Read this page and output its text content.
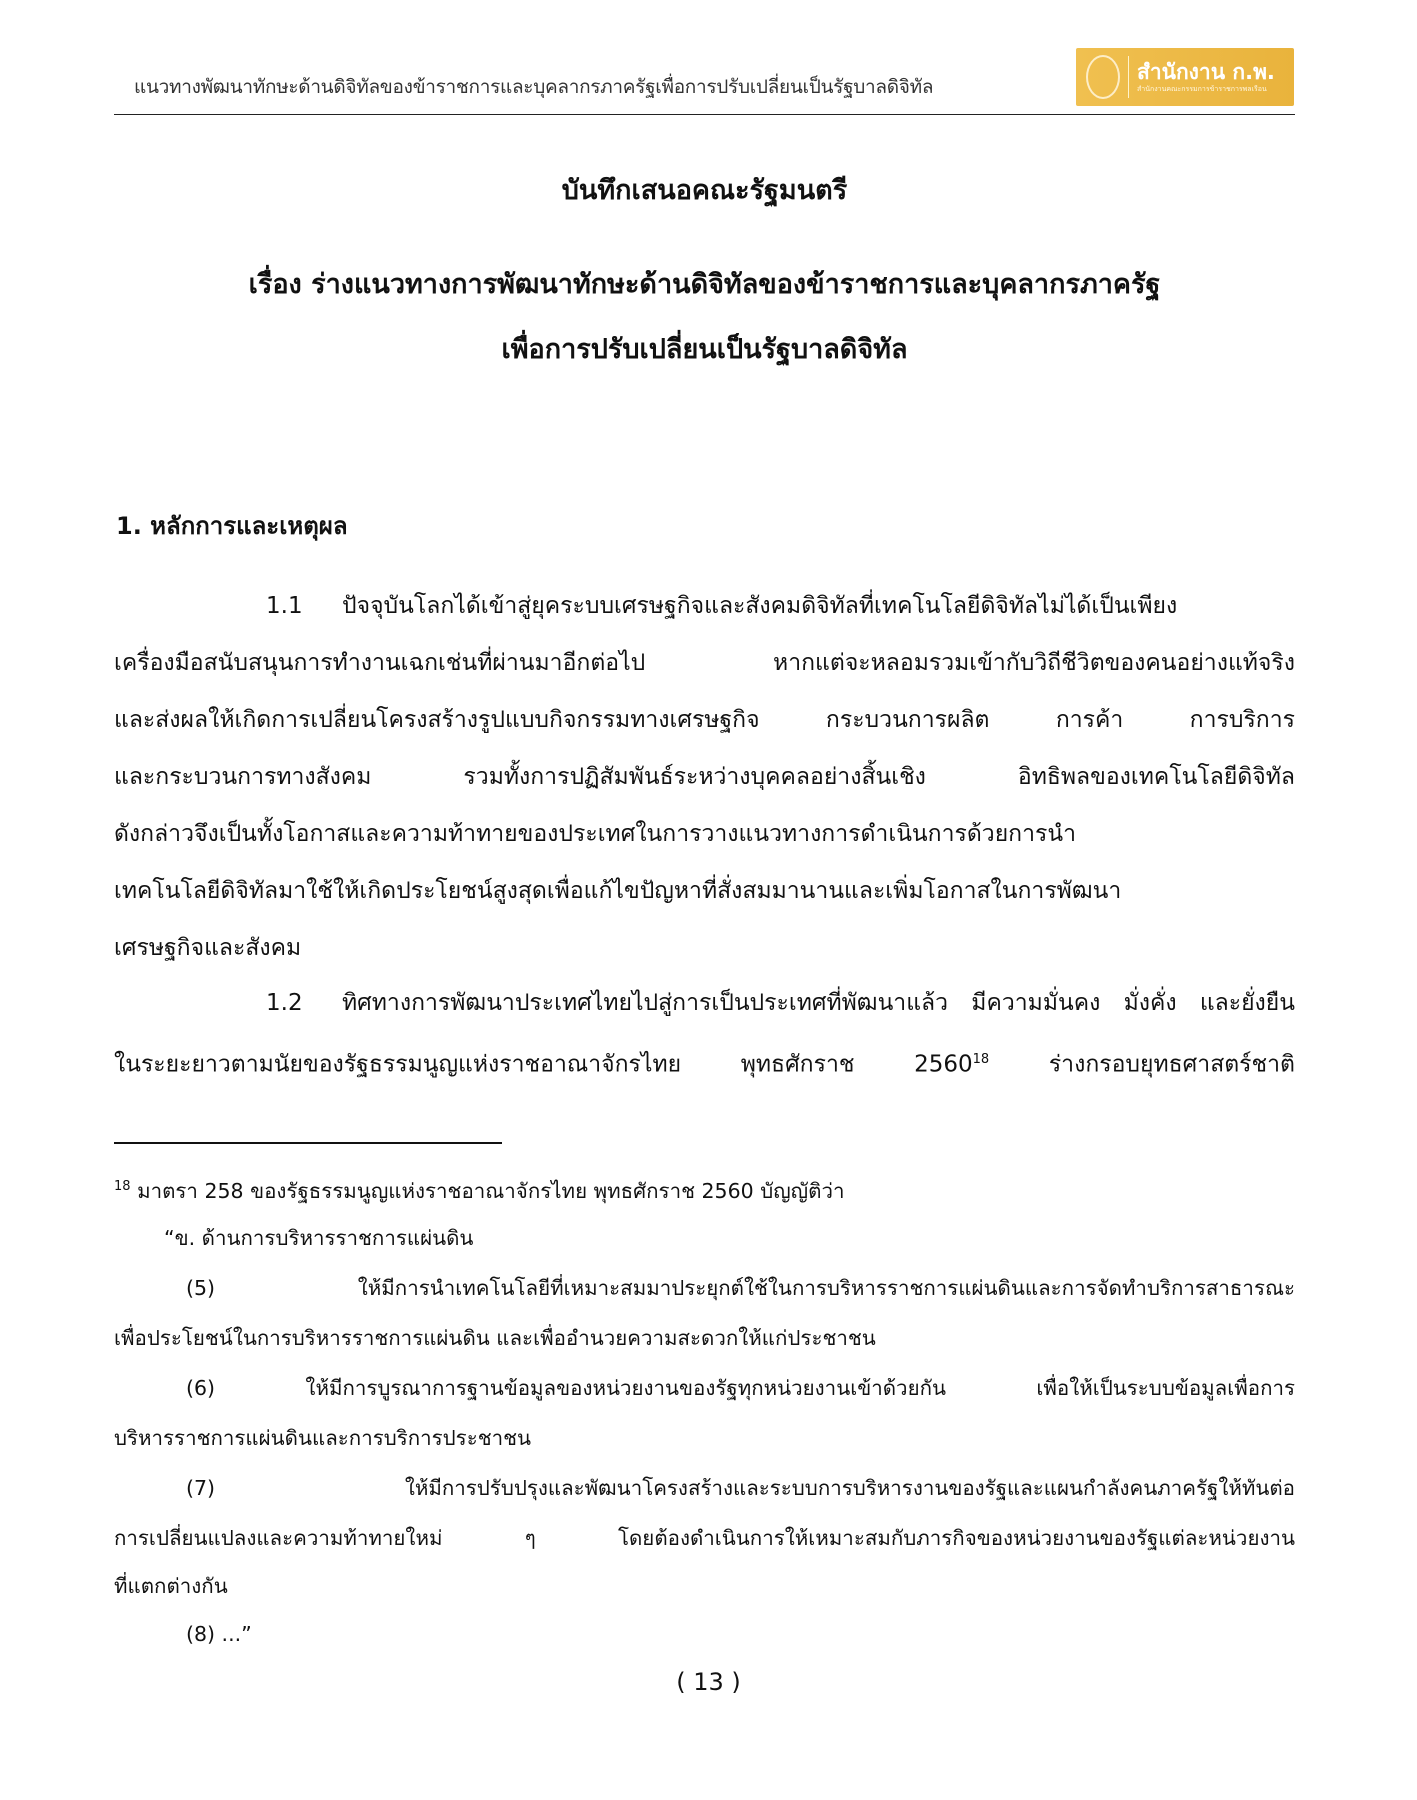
แนวทางพัฒนาทักษะด้านดิจิทัลของข้าราชการและบุคลากรภาครัฐเพื่อการปรับเปลี่ยนเป็นรัฐบาลดิจิทัล
สำนักงาน ก.พ.
สำนักงานคณะกรรมการข้าราชการพลเรือน
บันทึกเสนอคณะรัฐมนตรี
เรื่อง ร่างแนวทางการพัฒนาทักษะด้านดิจิทัลของข้าราชการและบุคลากรภาครัฐ
เพื่อการปรับเปลี่ยนเป็นรัฐบาลดิจิทัล
1. หลักการและเหตุผล
1.1 ปัจจุบันโลกได้เข้าสู่ยุคระบบเศรษฐกิจและสังคมดิจิทัลที่เทคโนโลยีดิจิทัลไม่ได้เป็นเพียง
เครื่องมือสนับสนุนการทำงานเฉกเช่นที่ผ่านมาอีกต่อไป หากแต่จะหลอมรวมเข้ากับวิถีชีวิตของคนอย่างแท้จริง
และส่งผลให้เกิดการเปลี่ยนโครงสร้างรูปแบบกิจกรรมทางเศรษฐกิจ กระบวนการผลิต การค้า การบริการ
และกระบวนการทางสังคม รวมทั้งการปฏิสัมพันธ์ระหว่างบุคคลอย่างสิ้นเชิง อิทธิพลของเทคโนโลยีดิจิทัล
ดังกล่าวจึงเป็นทั้งโอกาสและความท้าทายของประเทศในการวางแนวทางการดำเนินการด้วยการนำ
เทคโนโลยีดิจิทัลมาใช้ให้เกิดประโยชน์สูงสุดเพื่อแก้ไขปัญหาที่สั่งสมมานานและเพิ่มโอกาสในการพัฒนา
เศรษฐกิจและสังคม
1.2 ทิศทางการพัฒนาประเทศไทยไปสู่การเป็นประเทศที่พัฒนาแล้ว มีความมั่นคง มั่งคั่ง และยั่งยืน
ในระยะยาวตามนัยของรัฐธรรมนูญแห่งราชอาณาจักรไทย พุทธศักราช 2560$^{18}$ ร่างกรอบยุทธศาสตร์ชาติ
$^{18}$ มาตรา 258 ของรัฐธรรมนูญแห่งราชอาณาจักรไทย พุทธศักราช 2560 บัญญัติว่า
“ข. ด้านการบริหารราชการแผ่นดิน
(5) ให้มีการนำเทคโนโลยีที่เหมาะสมมาประยุกต์ใช้ในการบริหารราชการแผ่นดินและการจัดทำบริการสาธารณะ
เพื่อประโยชน์ในการบริหารราชการแผ่นดิน และเพื่ออำนวยความสะดวกให้แก่ประชาชน
(6) ให้มีการบูรณาการฐานข้อมูลของหน่วยงานของรัฐทุกหน่วยงานเข้าด้วยกัน เพื่อให้เป็นระบบข้อมูลเพื่อการ
บริหารราชการแผ่นดินและการบริการประชาชน
(7) ให้มีการปรับปรุงและพัฒนาโครงสร้างและระบบการบริหารงานของรัฐและแผนกำลังคนภาครัฐให้ทันต่อ
การเปลี่ยนแปลงและความท้าทายใหม่ ๆ โดยต้องดำเนินการให้เหมาะสมกับภารกิจของหน่วยงานของรัฐแต่ละหน่วยงาน
ที่แตกต่างกัน
(8) ...”
( 13 )
